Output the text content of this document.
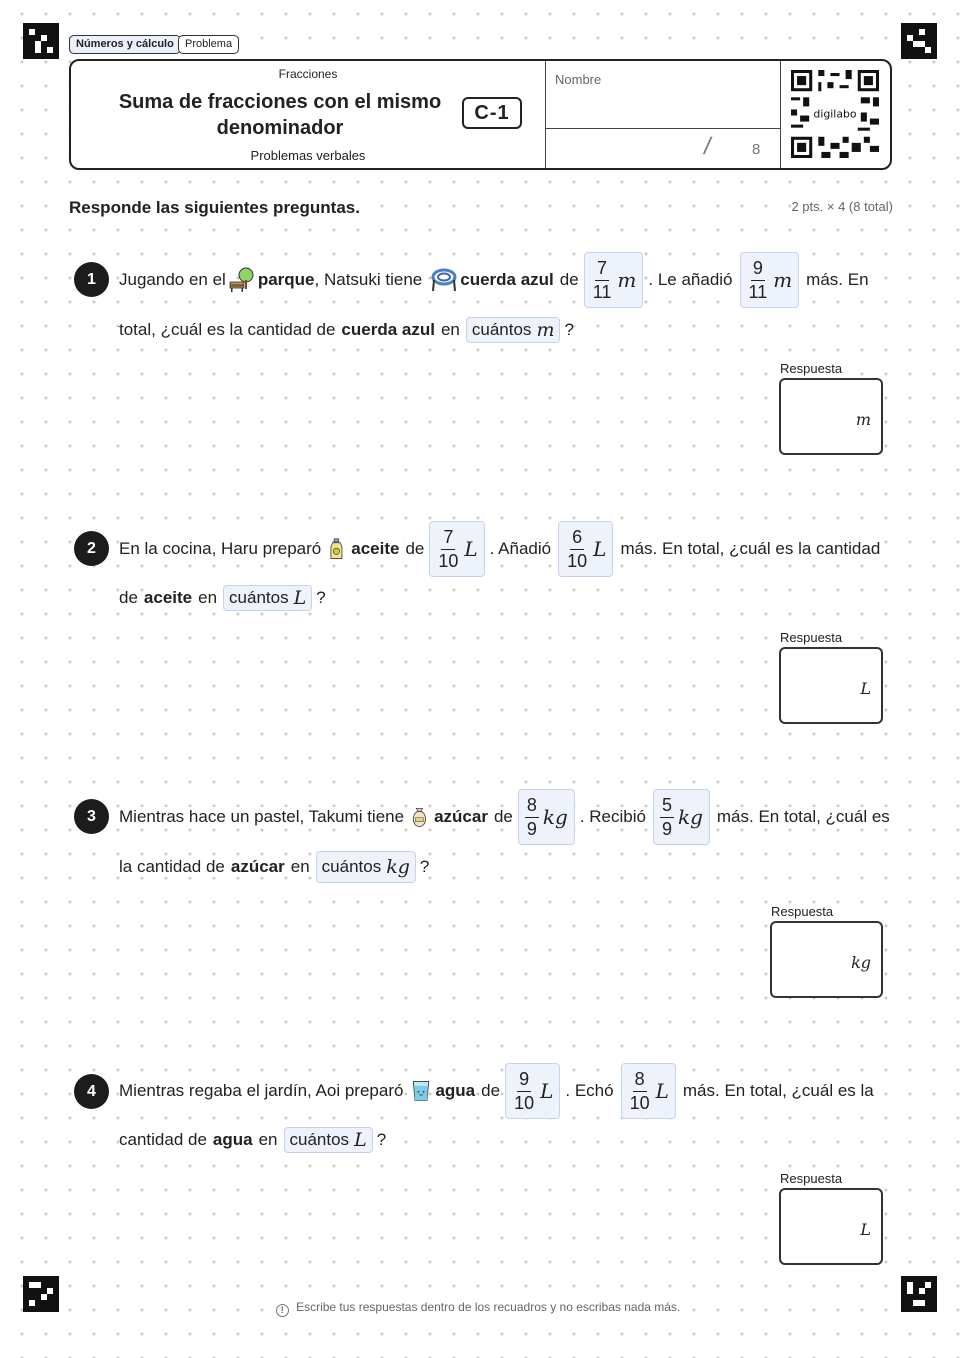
Números y cálculo	Problema
Fracciones
Suma de fracciones con el mismo denominador
Problemas verbales
C-1
Nombre
/	8
digilabo
Responde las siguientes preguntas.	2 pts. × 4 (8 total)
1	Jugando en el parque , Natsuki tiene cuerda azul de $\frac{7}{11}$ m . Le añadió $\frac{9}{11}$ m más. En
total, ¿cuál es la cantidad de cuerda azul en cuántos m ?
Respuesta
m
2	En la cocina, Haru preparó aceite de $\frac{7}{10}$ L . Añadió $\frac{6}{10}$ L más. En total, ¿cuál es la cantidad
de aceite en cuántos L ?
Respuesta
L
3	Mientras hace un pastel, Takumi tiene azúcar de $\frac{8}{9}$ kg . Recibió $\frac{5}{9}$ kg más. En total, ¿cuál es
la cantidad de azúcar en cuántos kg ?
Respuesta
kg
4	Mientras regaba el jardín, Aoi preparó agua de $\frac{9}{10}$ L . Echó $\frac{8}{10}$ L más. En total, ¿cuál es la
cantidad de agua en cuántos L ?
Respuesta
L
! Escribe tus respuestas dentro de los recuadros y no escribas nada más.
